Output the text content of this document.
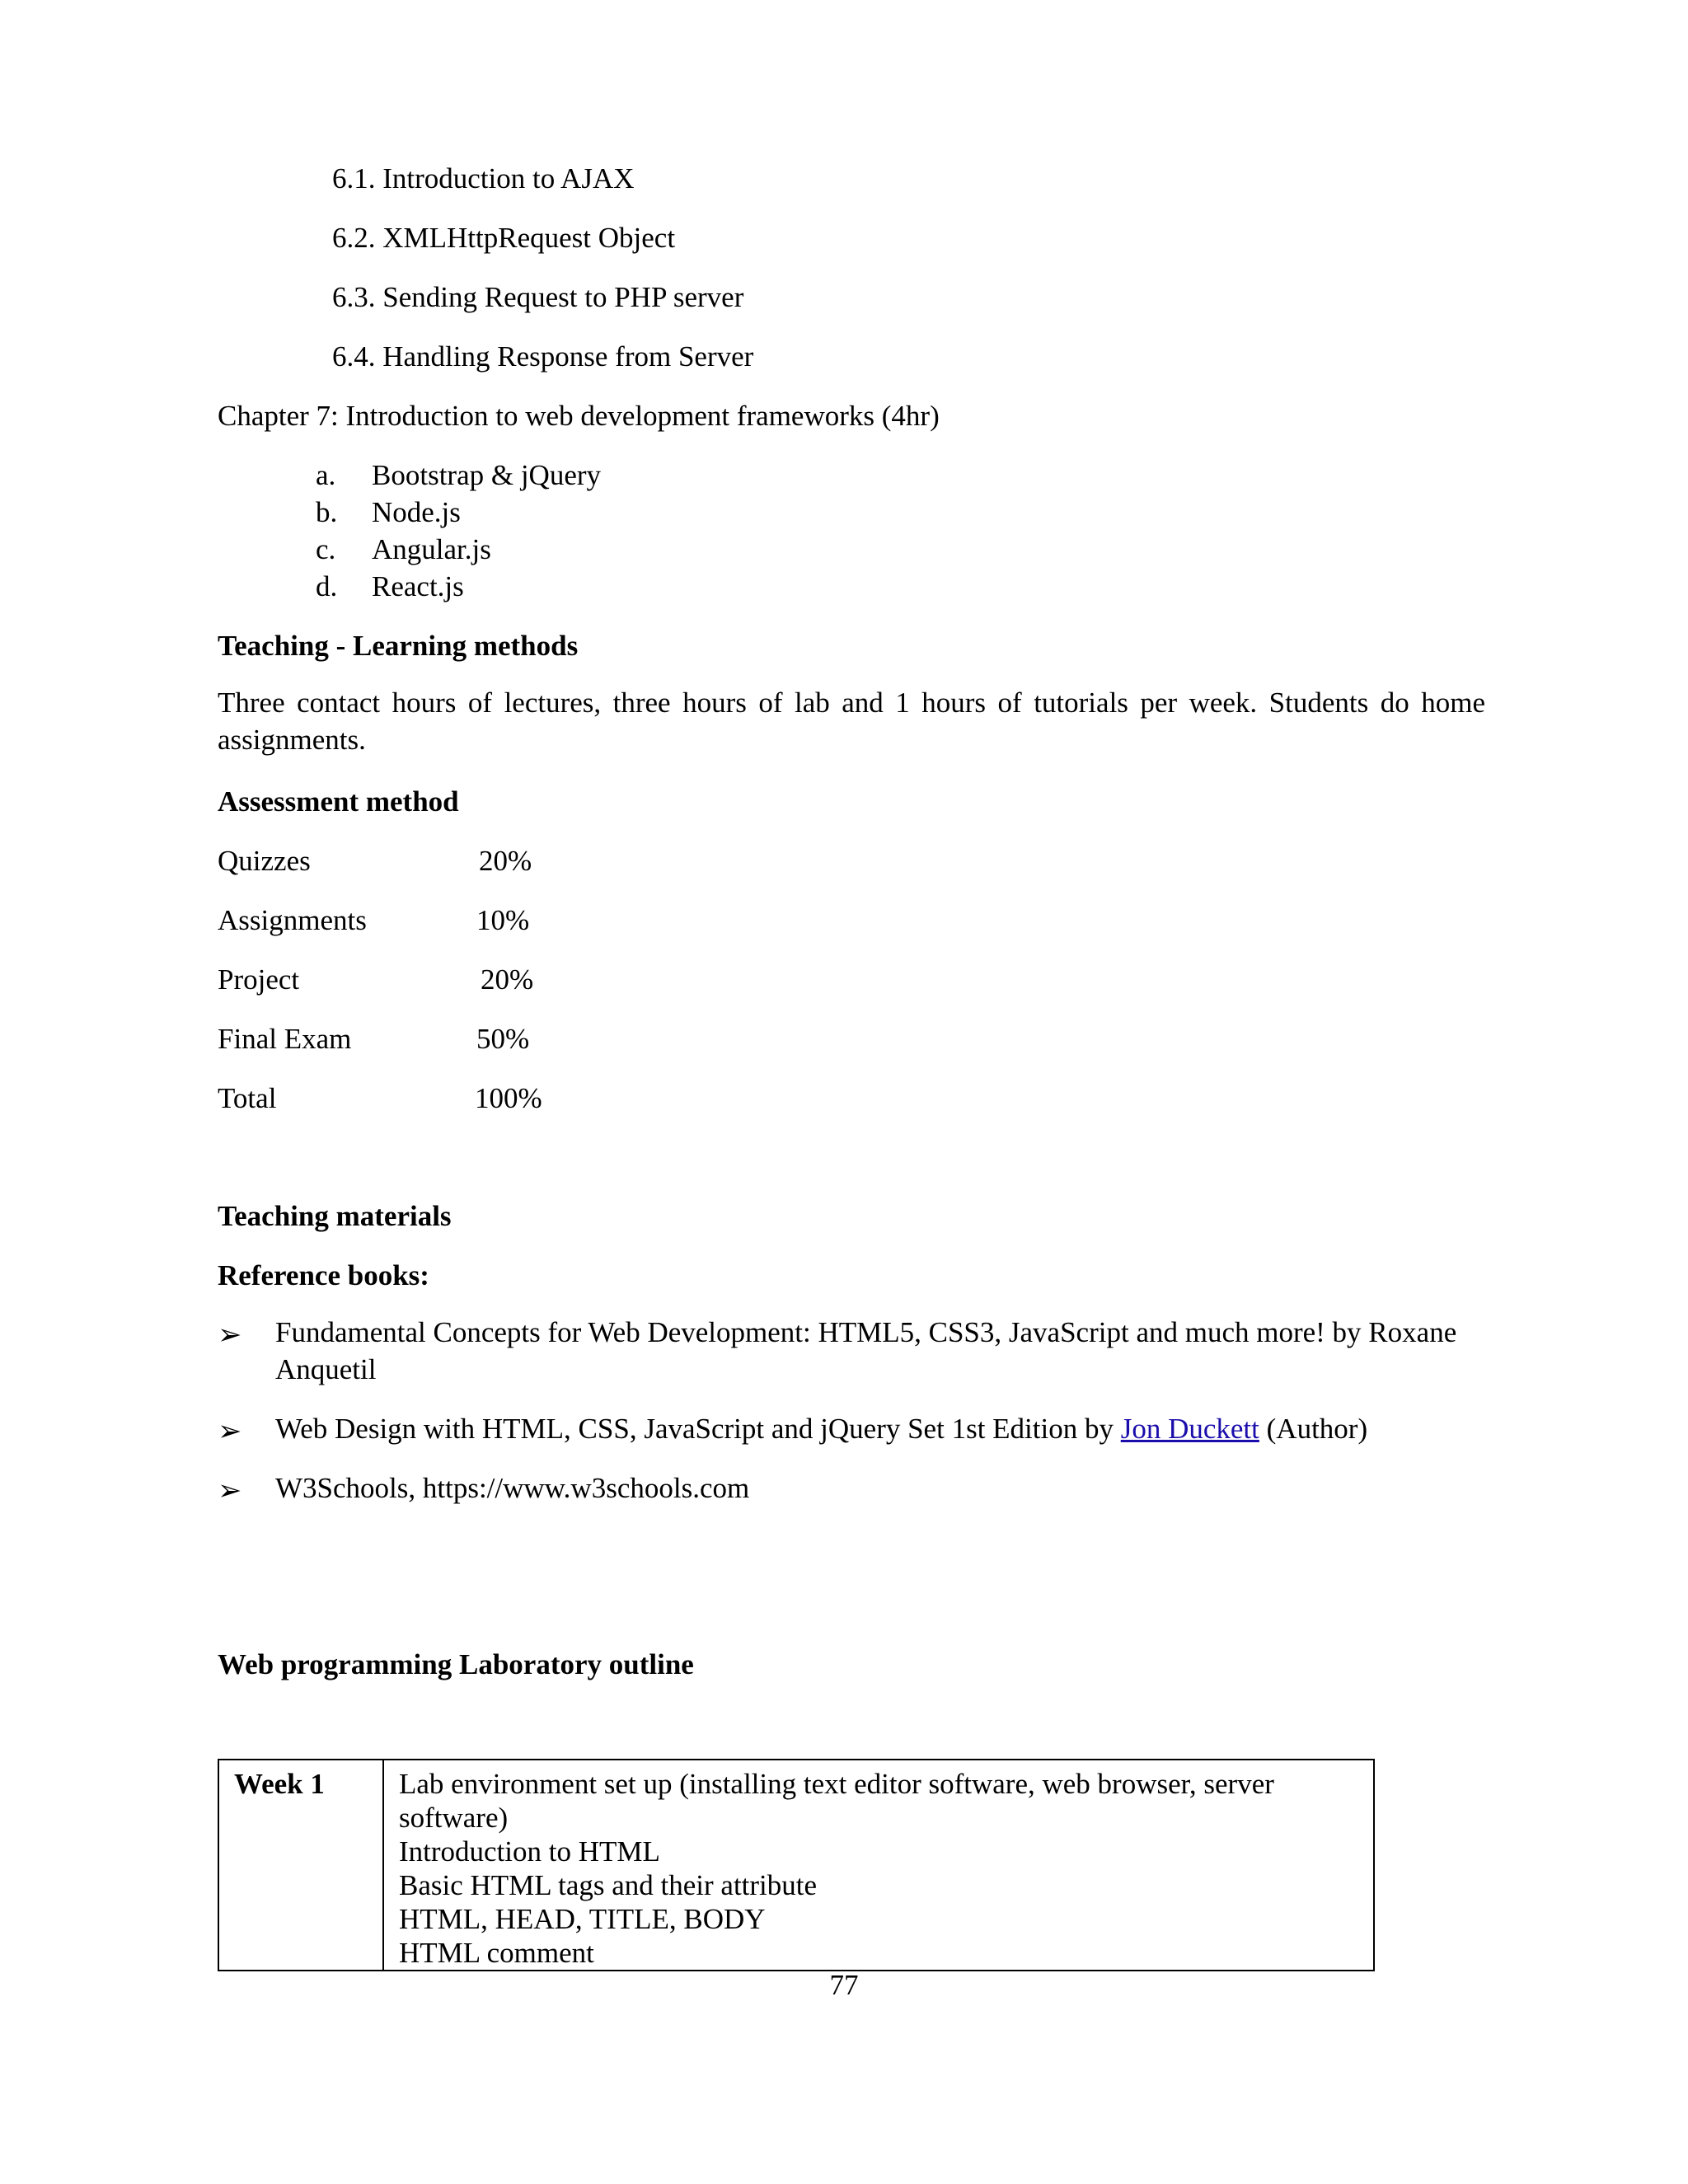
6.1. Introduction to AJAX
6.2. XMLHttpRequest Object
6.3. Sending Request to PHP server
6.4. Handling Response from Server
Chapter 7: Introduction to web development frameworks (4hr)
a. Bootstrap & jQuery
b. Node.js
c. Angular.js
d. React.js
Teaching - Learning methods
Three contact hours of lectures, three hours of lab and 1 hours of tutorials per week. Students do home assignments.
Assessment method
Quizzes	20%
Assignments	10%
Project	20%
Final Exam	50%
Total	100%
Teaching materials
Reference books:
➢ Fundamental Concepts for Web Development: HTML5, CSS3, JavaScript and much more! by Roxane Anquetil
➢ Web Design with HTML, CSS, JavaScript and jQuery Set 1st Edition by Jon Duckett (Author)
➢ W3Schools, https://www.w3schools.com
Web programming Laboratory outline
Week 1	Lab environment set up (installing text editor software, web browser, server
software)
Introduction to HTML
Basic HTML tags and their attribute
HTML, HEAD, TITLE, BODY
HTML comment
77
